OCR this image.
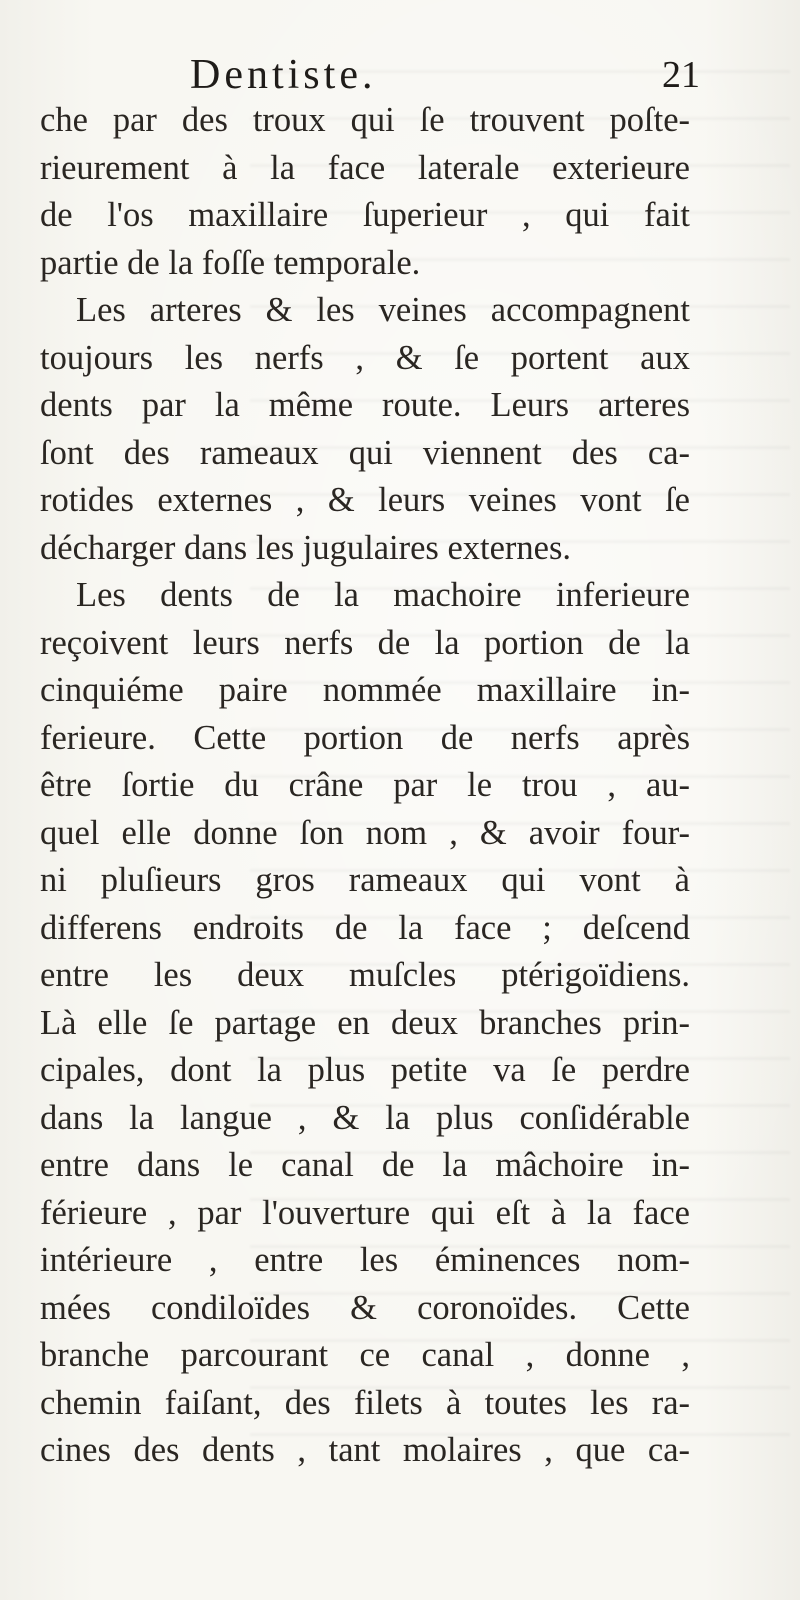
Dentiste.	21
che par des troux qui ſe trouvent poſte-
rieurement à la face laterale exterieure
de l'os maxillaire ſuperieur , qui fait
partie de la foſſe temporale.
Les arteres & les veines accompagnent
toujours les nerfs , & ſe portent aux
dents par la même route. Leurs arteres
ſont des rameaux qui viennent des ca-
rotides externes , & leurs veines vont ſe
décharger dans les jugulaires externes.
Les dents de la machoire inferieure
reçoivent leurs nerfs de la portion de la
cinquiéme paire nommée maxillaire in-
ferieure. Cette portion de nerfs après
être ſortie du crâne par le trou , au-
quel elle donne ſon nom , & avoir four-
ni pluſieurs gros rameaux qui vont à
differens endroits de la face ; deſcend
entre les deux muſcles ptérigoïdiens.
Là elle ſe partage en deux branches prin-
cipales, dont la plus petite va ſe perdre
dans la langue , & la plus conſidérable
entre dans le canal de la mâchoire in-
férieure , par l'ouverture qui eſt à la face
intérieure , entre les éminences nom-
mées condiloïdes & coronoïdes. Cette
branche parcourant ce canal , donne ,
chemin faiſant, des filets à toutes les ra-
cines des dents , tant molaires , que ca-
